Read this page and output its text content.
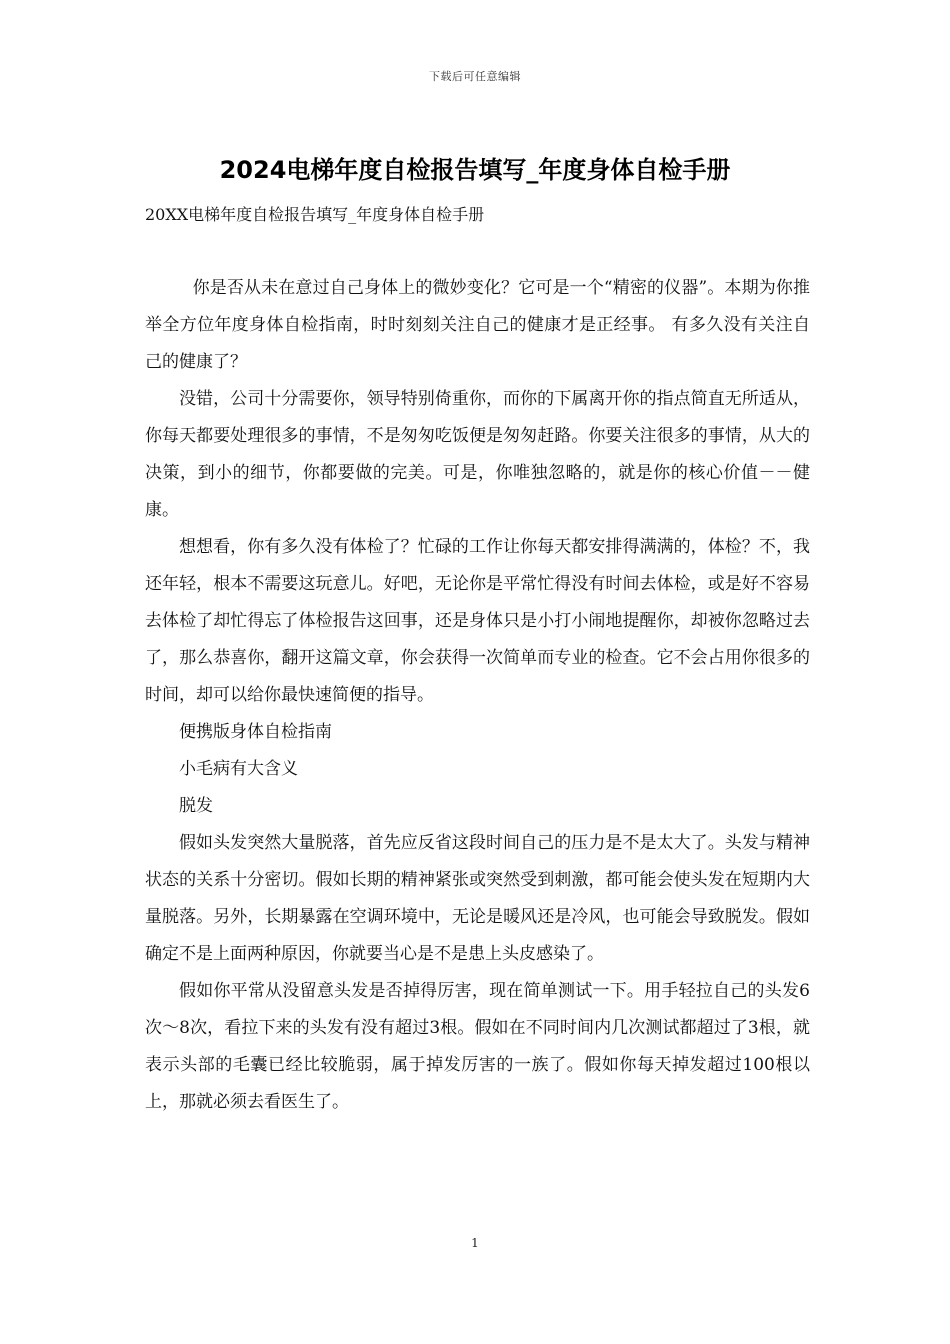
下载后可任意编辑
2024电梯年度自检报告填写_年度身体自检手册
20XX电梯年度自检报告填写_年度身体自检手册

你是否从未在意过自己身体上的微妙变化？它可是一个“精密的仪器”。本期为你推举全方位年度身体自检指南，时时刻刻关注自己的健康才是正经事。 有多久没有关注自己的健康了？

没错，公司十分需要你，领导特别倚重你，而你的下属离开你的指点简直无所适从，你每天都要处理很多的事情，不是匆匆吃饭便是匆匆赶路。你要关注很多的事情，从大的决策，到小的细节，你都要做的完美。可是，你唯独忽略的，就是你的核心价值－－健康。

想想看，你有多久没有体检了？忙碌的工作让你每天都安排得满满的，体检？不，我还年轻，根本不需要这玩意儿。好吧，无论你是平常忙得没有时间去体检，或是好不容易去体检了却忙得忘了体检报告这回事，还是身体只是小打小闹地提醒你，却被你忽略过去了，那么恭喜你，翻开这篇文章，你会获得一次简单而专业的检查。它不会占用你很多的时间，却可以给你最快速简便的指导。

便携版身体自检指南

小毛病有大含义

脱发

假如头发突然大量脱落，首先应反省这段时间自己的压力是不是太大了。头发与精神状态的关系十分密切。假如长期的精神紧张或突然受到刺激，都可能会使头发在短期内大量脱落。另外，长期暴露在空调环境中，无论是暖风还是冷风，也可能会导致脱发。假如确定不是上面两种原因，你就要当心是不是患上头皮感染了。

假如你平常从没留意头发是否掉得厉害，现在简单测试一下。用手轻拉自己的头发6次～8次，看拉下来的头发有没有超过3根。假如在不同时间内几次测试都超过了3根，就表示头部的毛囊已经比较脆弱，属于掉发厉害的一族了。假如你每天掉发超过100根以上，那就必须去看医生了。

1
